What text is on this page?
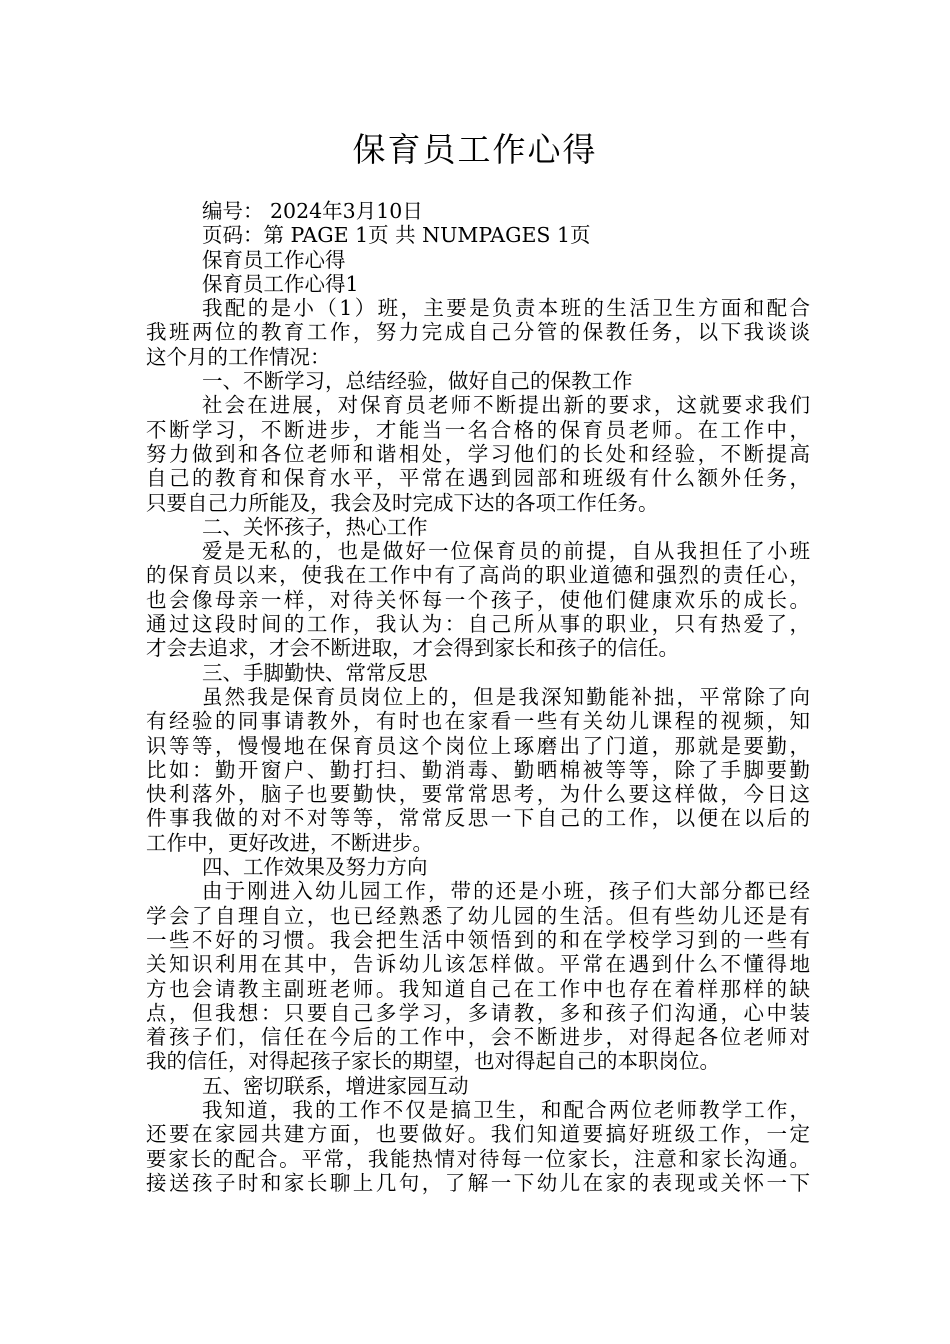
保育员工作心得
编号： 2024年3月10日
页码：第 PAGE 1页 共 NUMPAGES 1页
保育员工作心得
保育员工作心得1
我配的是小（1）班，主要是负责本班的生活卫生方面和配合
我班两位的教育工作，努力完成自己分管的保教任务，以下我谈谈
这个月的工作情况：
一、不断学习，总结经验，做好自己的保教工作
社会在进展，对保育员老师不断提出新的要求，这就要求我们
不断学习，不断进步，才能当一名合格的保育员老师。在工作中，
努力做到和各位老师和谐相处，学习他们的长处和经验，不断提高
自己的教育和保育水平，平常在遇到园部和班级有什么额外任务，
只要自己力所能及，我会及时完成下达的各项工作任务。
二、关怀孩子，热心工作
爱是无私的，也是做好一位保育员的前提，自从我担任了小班
的保育员以来，使我在工作中有了高尚的职业道德和强烈的责任心，
也会像母亲一样，对待关怀每一个孩子，使他们健康欢乐的成长。
通过这段时间的工作，我认为：自己所从事的职业，只有热爱了，
才会去追求，才会不断进取，才会得到家长和孩子的信任。
三、手脚勤快、常常反思
虽然我是保育员岗位上的，但是我深知勤能补拙，平常除了向
有经验的同事请教外，有时也在家看一些有关幼儿课程的视频，知
识等等，慢慢地在保育员这个岗位上琢磨出了门道，那就是要勤，
比如：勤开窗户、勤打扫、勤消毒、勤晒棉被等等，除了手脚要勤
快利落外，脑子也要勤快，要常常思考，为什么要这样做，今日这
件事我做的对不对等等，常常反思一下自己的工作，以便在以后的
工作中，更好改进，不断进步。
四、工作效果及努力方向
由于刚进入幼儿园工作，带的还是小班，孩子们大部分都已经
学会了自理自立，也已经熟悉了幼儿园的生活。但有些幼儿还是有
一些不好的习惯。我会把生活中领悟到的和在学校学习到的一些有
关知识利用在其中，告诉幼儿该怎样做。平常在遇到什么不懂得地
方也会请教主副班老师。我知道自己在工作中也存在着样那样的缺
点，但我想：只要自己多学习，多请教，多和孩子们沟通，心中装
着孩子们，信任在今后的工作中，会不断进步，对得起各位老师对
我的信任，对得起孩子家长的期望，也对得起自己的本职岗位。
五、密切联系，增进家园互动
我知道，我的工作不仅是搞卫生，和配合两位老师教学工作，
还要在家园共建方面，也要做好。我们知道要搞好班级工作，一定
要家长的配合。平常，我能热情对待每一位家长，注意和家长沟通。
接送孩子时和家长聊上几句，了解一下幼儿在家的表现或关怀一下
